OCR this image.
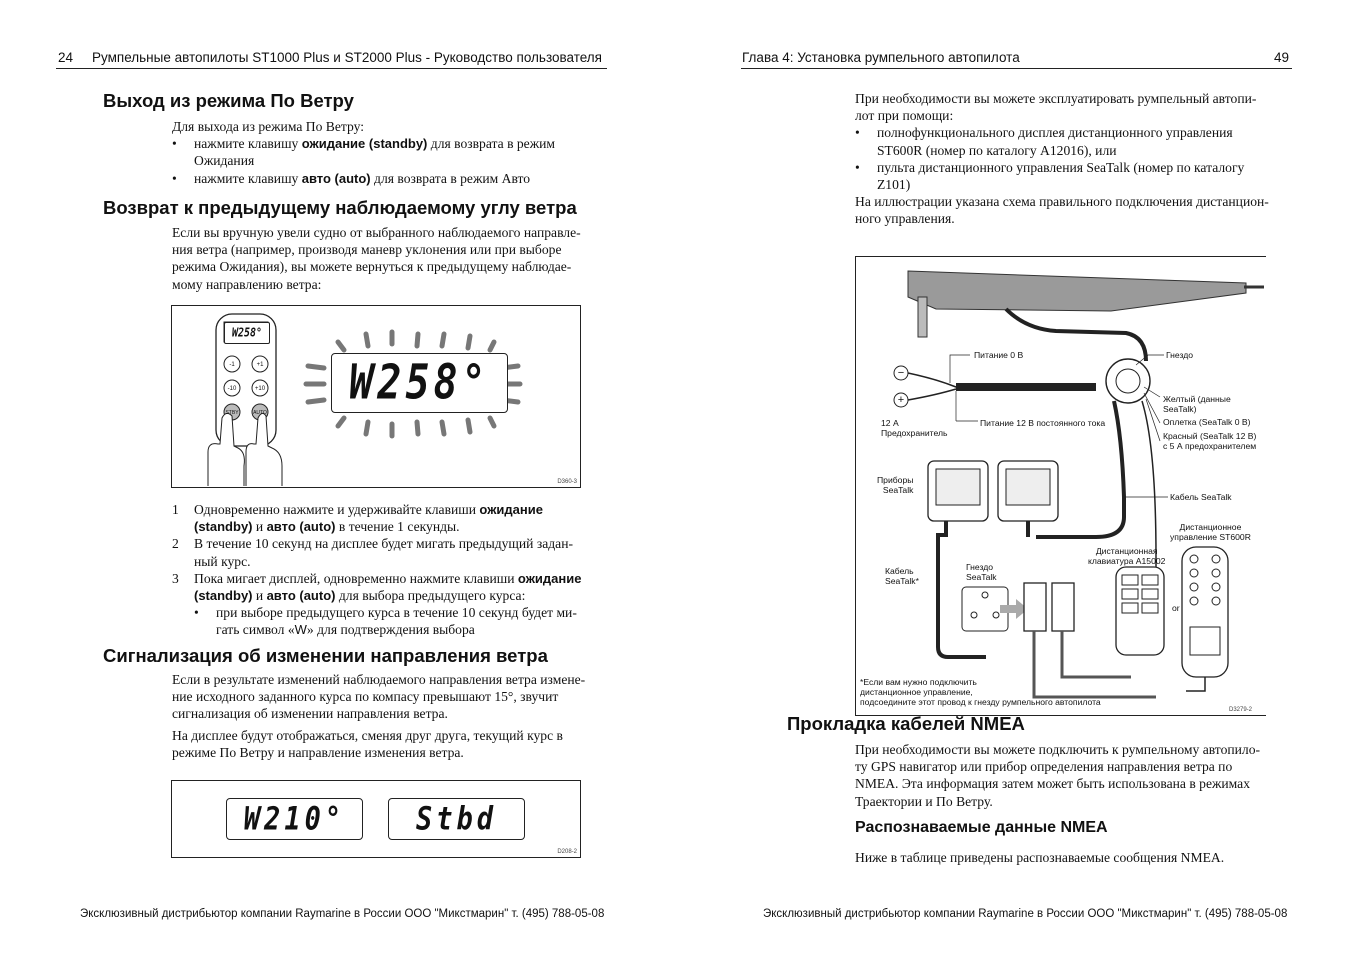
24 Румпельные автопилоты ST1000 Plus и ST2000 Plus - Руководство пользователя
Выход из режима По Ветру
Для выхода из режима По Ветру:
• нажмите клавишу ожидание (standby) для возврата в режим
Ожидания
• нажмите клавишу авто (auto) для возврата в режим Авто
Возврат к предыдущему наблюдаемому углу ветра
Если вы вручную увели судно от выбранного наблюдаемого направле-
ния ветра (например, производя маневр уклонения или при выборе
режима Ожидания), вы можете вернуться к предыдущему наблюдае-
мому направлению ветра:
W258°
-1	+1
-10	+10
STBY	AUTO
W258°
D360-3
1 Одновременно нажмите и удерживайте клавиши ожидание
(standby) и авто (auto) в течение 1 секунды.
2 В течение 10 секунд на дисплее будет мигать предыдущий задан-
ный курс.
3 Пока мигает дисплей, одновременно нажмите клавиши ожидание
(standby) и авто (auto) для выбора предыдущего курса:
• при выборе предыдущего курса в течение 10 секунд будет ми-
гать символ «W» для подтверждения выбора
Сигнализация об изменении направления ветра
Если в результате изменений наблюдаемого направления ветра измене-
ние исходного заданного курса по компасу превышают 15°, звучит
сигнализация об изменении направления ветра.
На дисплее будут отображаться, сменяя друг друга, текущий курс в
режиме По Ветру и направление изменения ветра.
W210°	Stbd
D208-2
Эксклюзивный дистрибьютор компании Raymarine в России ООО "Микстмарин" т. (495) 788-05-08
Глава 4: Установка румпельного автопилота	49
При необходимости вы можете эксплуатировать румпельный автопи-
лот при помощи:
• полнофункционального дисплея дистанционного управления
ST600R (номер по каталогу A12016), или
• пульта дистанционного управления SeaTalk (номер по каталогу
Z101)
На иллюстрации указана схема правильного подключения дистанцион-
ного управления.
Питание 0 В	Гнездо
Желтый (данные
SeaTalk)
Оплетка (SeaTalk 0 В)
Красный (SeaTalk 12 В)
с 5 А предохранителем
12 А
Предохранитель
−
+
Питание 12 В постоянного тока
Приборы
SeaTalk
Кабель SeaTalk
Дистанционное
управление ST600R
Дистанционная
клавиатура A15002
Кабель
SeaTalk*
Гнездо
SeaTalk
or
*Если вам нужно подключить
дистанционное управление,
подсоедините этот провод к гнезду румпельного автопилота
D3279-2
Прокладка кабелей NMEA
При необходимости вы можете подключить к румпельному автопило-
ту GPS навигатор или прибор определения направления ветра по
NMEA. Эта информация затем может быть использована в режимах
Траектории и По Ветру.
Распознаваемые данные NMEA
Ниже в таблице приведены распознаваемые сообщения NMEA.
Эксклюзивный дистрибьютор компании Raymarine в России ООО "Микстмарин" т. (495) 788-05-08
